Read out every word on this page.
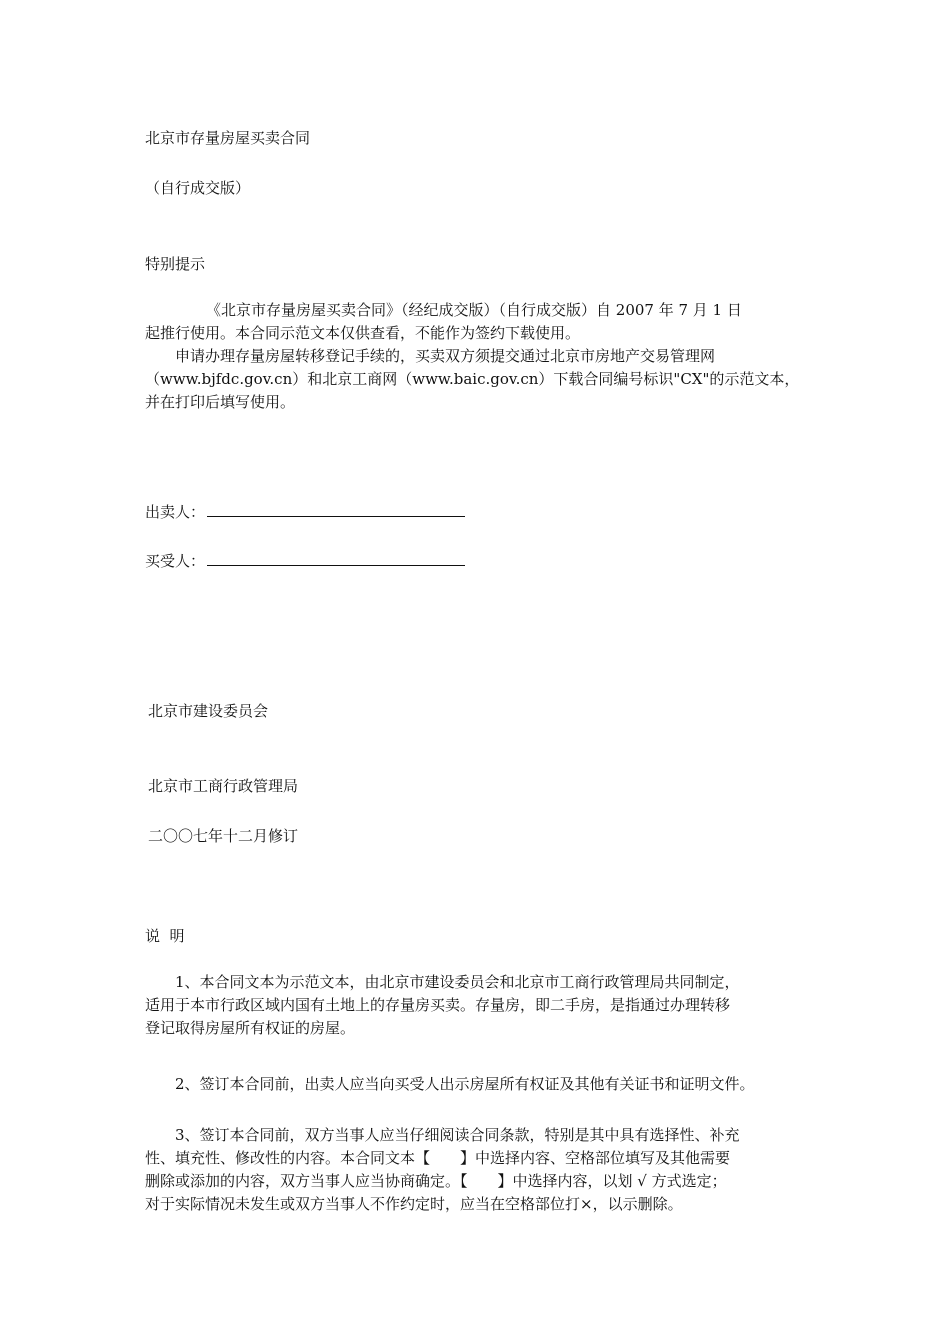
北京市存量房屋买卖合同
（自行成交版）
特别提示

《北京市存量房屋买卖合同》（经纪成交版）（自行成交版）自 2007 年 7 月 1 日

起推行使用。本合同示范文本仅供查看，不能作为签约下载使用。

申请办理存量房屋转移登记手续的，买卖双方须提交通过北京市房地产交易管理网

（www.bjfdc.gov.cn）和北京工商网（www.baic.gov.cn）下载合同编号标识"CX"的示范文本，

并在打印后填写使用。

出卖人：
买受人：
北京市建设委员会
北京市工商行政管理局
二〇〇七年十二月修订
说  明

1、本合同文本为示范文本，由北京市建设委员会和北京市工商行政管理局共同制定，

适用于本市行政区域内国有土地上的存量房买卖。存量房，即二手房，是指通过办理转移

登记取得房屋所有权证的房屋。

2、签订本合同前，出卖人应当向买受人出示房屋所有权证及其他有关证书和证明文件。

3、签订本合同前，双方当事人应当仔细阅读合同条款，特别是其中具有选择性、补充

性、填充性、修改性的内容。本合同文本【　　】中选择内容、空格部位填写及其他需要

删除或添加的内容，双方当事人应当协商确定。【　　】中选择内容，以划 √ 方式选定；

对于实际情况未发生或双方当事人不作约定时，应当在空格部位打×，以示删除。
